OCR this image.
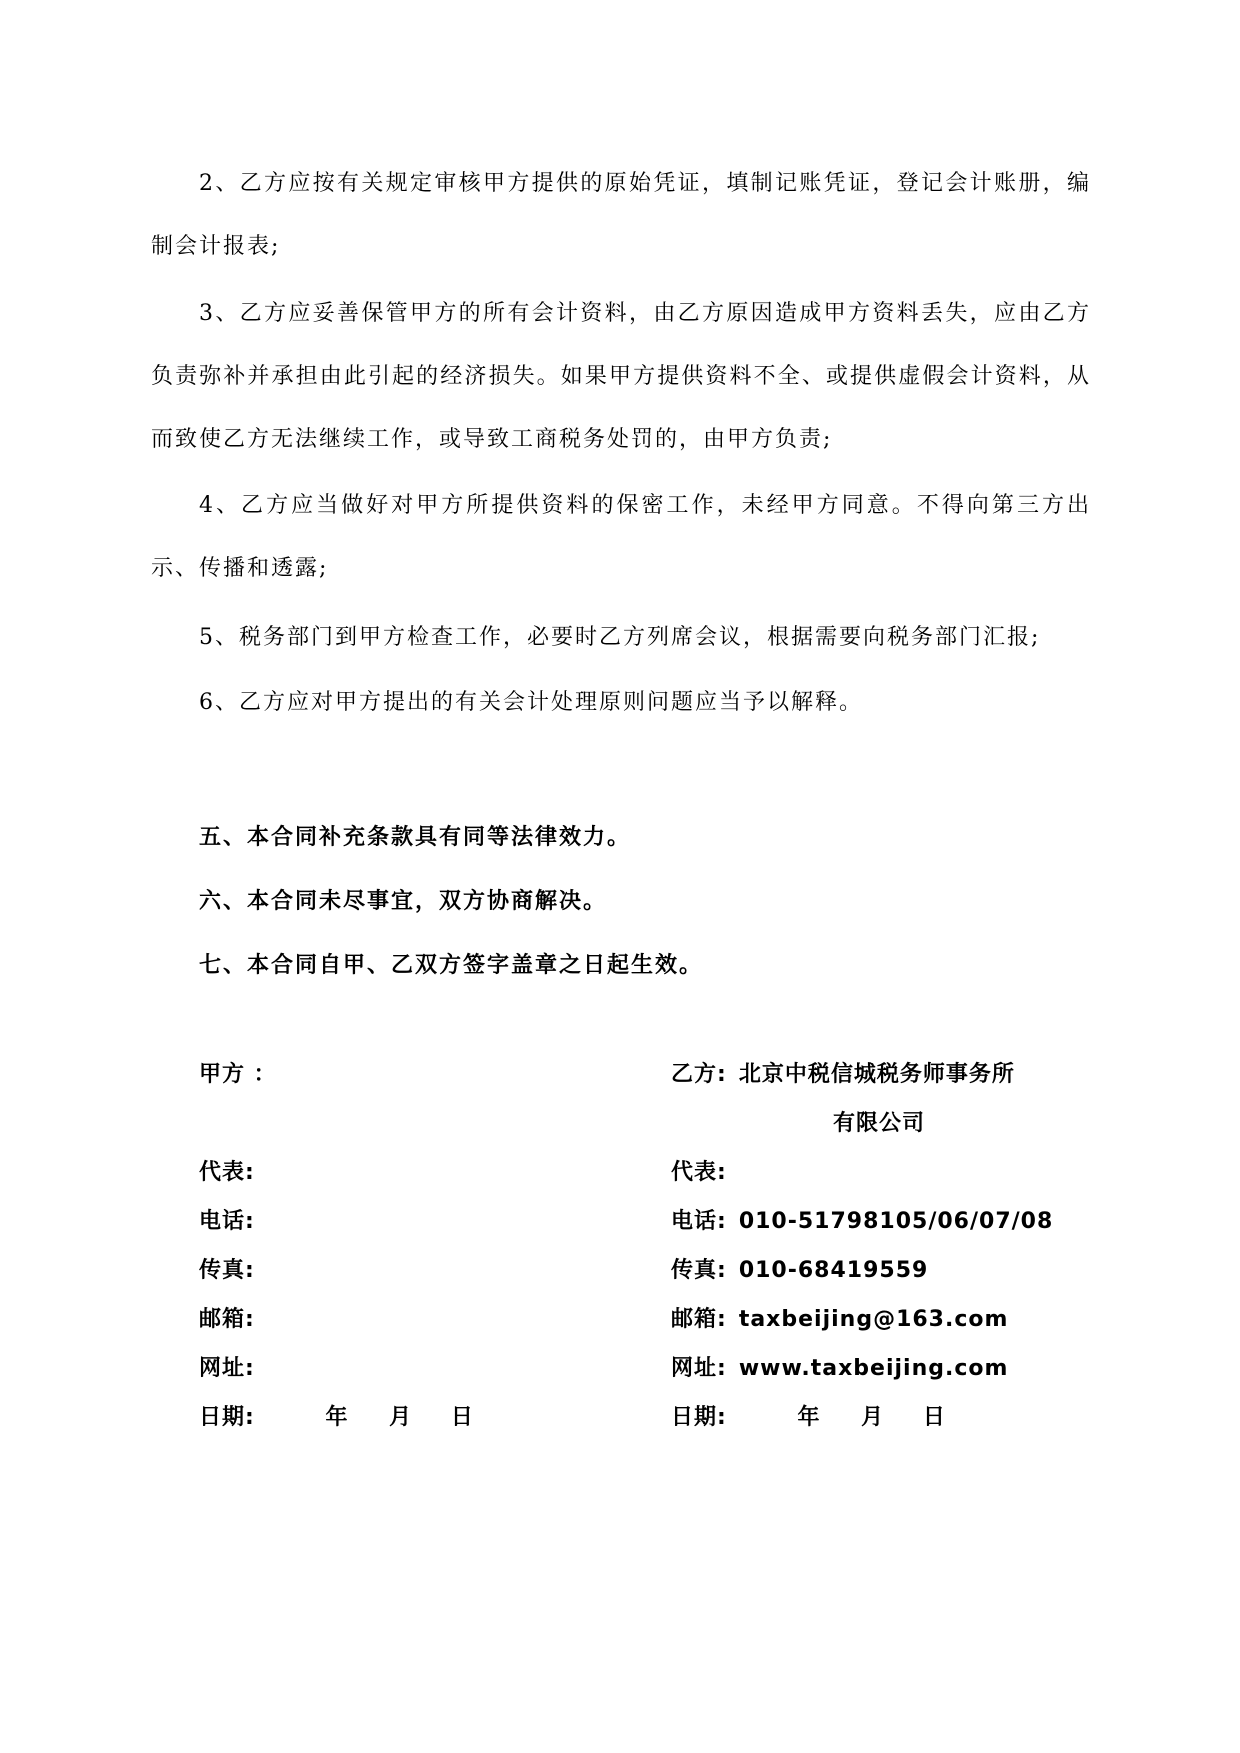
2、乙方应按有关规定审核甲方提供的原始凭证，填制记账凭证，登记会计账册，编制会计报表;

3、乙方应妥善保管甲方的所有会计资料，由乙方原因造成甲方资料丢失，应由乙方负责弥补并承担由此引起的经济损失。如果甲方提供资料不全、或提供虚假会计资料，从而致使乙方无法继续工作，或导致工商税务处罚的，由甲方负责;

4、乙方应当做好对甲方所提供资料的保密工作，未经甲方同意。不得向第三方出示、传播和透露;

5、税务部门到甲方检查工作，必要时乙方列席会议，根据需要向税务部门汇报;

6、乙方应对甲方提出的有关会计处理原则问题应当予以解释。

五、本合同补充条款具有同等法律效力。

六、本合同未尽事宜，双方协商解决。

七、本合同自甲、乙双方签字盖章之日起生效。

甲方 ：

代表:

电话:

传真:

邮箱:

网址:

日期:	年 月 日

乙方: 北京中税信城税务师事务所

有限公司

代表:

电话: 010-51798105/06/07/08

传真: 010-68419559

邮箱: taxbeijing@163.com

网址: www.taxbeijing.com

日期:	年 月 日
